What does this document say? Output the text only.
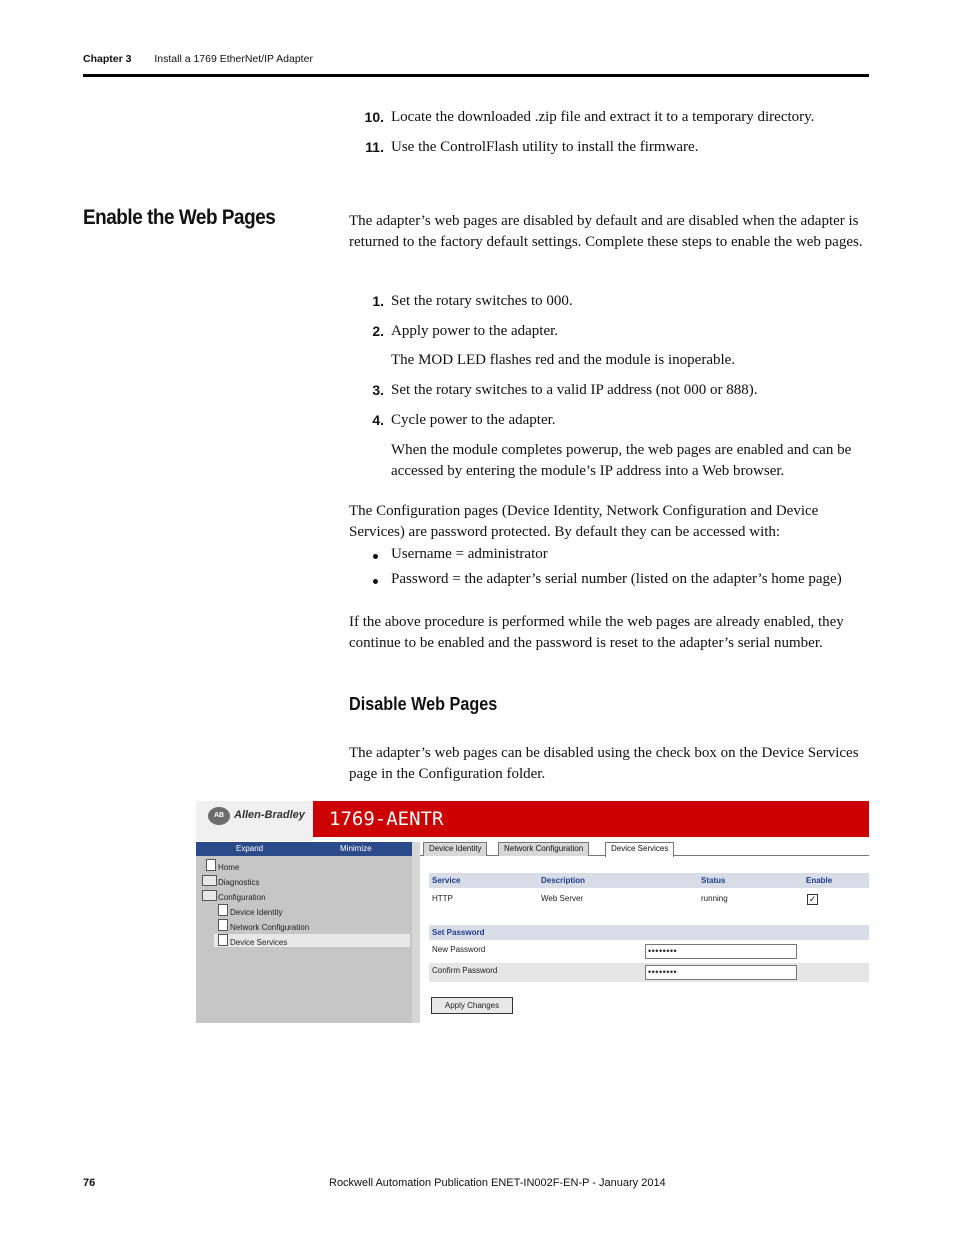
Chapter 3 Install a 1769 EtherNet/IP Adapter
10. Locate the downloaded .zip file and extract it to a temporary directory.
11. Use the ControlFlash utility to install the firmware.
Enable the Web Pages	The adapter’s web pages are disabled by default and are disabled when the adapter is returned to the factory default settings. Complete these steps to enable the web pages.

1. Set the rotary switches to 000.
2. Apply power to the adapter.
The MOD LED flashes red and the module is inoperable.
3. Set the rotary switches to a valid IP address (not 000 or 888).
4. Cycle power to the adapter.

When the module completes powerup, the web pages are enabled and can be accessed by entering the module’s IP address into a Web browser.

The Configuration pages (Device Identity, Network Configuration and Device Services) are password protected. By default they can be accessed with:

Username = administrator
Password = the adapter’s serial number (listed on the adapter’s home page)

If the above procedure is performed while the web pages are already enabled, they continue to be enabled and the password is reset to the adapter’s serial number.

Disable Web Pages

The adapter’s web pages can be disabled using the check box on the Device Services page in the Configuration folder.

AB Allen-Bradley 1769-AENTR
Expand	Minimize
Home
Diagnostics
Configuration
Device Identity
Network Configuration
Device Services
Device Identity	Network Configuration	Device Services
Service	Description	Status	Enable
HTTP	Web Server	running	✓
Set Password
New Password	••••••••
Confirm Password	••••••••
Apply Changes
76	Rockwell Automation Publication ENET-IN002F-EN-P - January 2014
